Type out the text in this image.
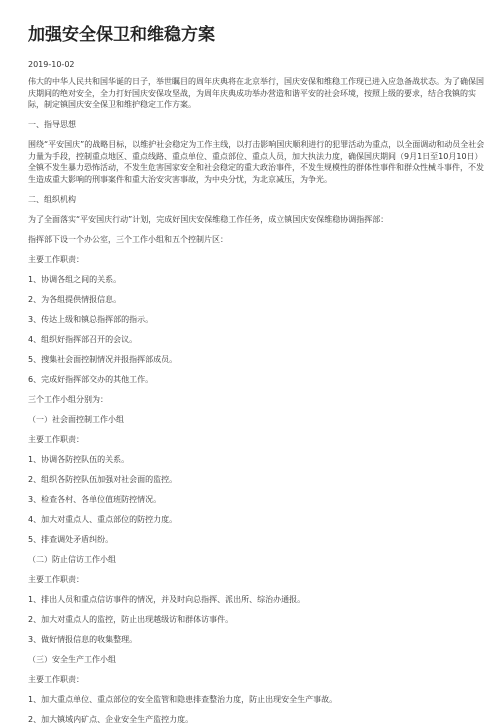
加强安全保卫和维稳方案
2019-10-02
伟大的中华人民共和国华诞的日子，举世瞩目的周年庆典将在北京举行，国庆安保和维稳工作现已进入应急备战状态。为了确保国庆期间的绝对安全，全力打好国庆安保攻坚战，为周年庆典成功举办营造和谐平安的社会环境，按照上级的要求，结合我镇的实际，制定镇国庆安全保卫和维护稳定工作方案。
一、指导思想
围绕“平安国庆”的战略目标，以维护社会稳定为工作主线，以打击影响国庆顺利进行的犯罪活动为重点，以全面调动和动员全社会力量为手段，控制重点地区、重点线路、重点单位、重点部位、重点人员，加大执法力度，确保国庆期间（9月1日至10月10日）全镇不发生暴力恐怖活动，不发生危害国家安全和社会稳定的重大政治事件，不发生规模性的群体性事件和群众性械斗事件，不发生造成重大影响的刑事案件和重大治安灾害事故，为中央分忧，为北京减压，为争光。
二、组织机构
为了全面落实“平安国庆行动”计划，完成好国庆安保维稳工作任务，成立镇国庆安保维稳协调指挥部：
指挥部下设一个办公室，三个工作小组和五个控制片区：
主要工作职责：
1、协调各组之间的关系。
2、为各组提供情报信息。
3、传达上级和镇总指挥部的指示。
4、组织好指挥部召开的会议。
5、搜集社会面控制情况并报指挥部成员。
6、完成好指挥部交办的其他工作。
三个工作小组分别为：
（一）社会面控制工作小组
主要工作职责：
1、协调各防控队伍的关系。
2、组织各防控队伍加强对社会面的监控。
3、检查各村、各单位值班防控情况。
4、加大对重点人、重点部位的防控力度。
5、排查调处矛盾纠纷。
（二）防止信访工作小组
主要工作职责：
1、排出人员和重点信访事件的情况，并及时向总指挥、派出所、综治办通报。
2、加大对重点人的监控，防止出现越级访和群体访事件。
3、做好情报信息的收集整理。
（三）安全生产工作小组
主要工作职责：
1、加大重点单位、重点部位的安全监管和隐患排查整治力度，防止出现安全生产事故。
2、加大镇域内矿点、企业安全生产监控力度。
